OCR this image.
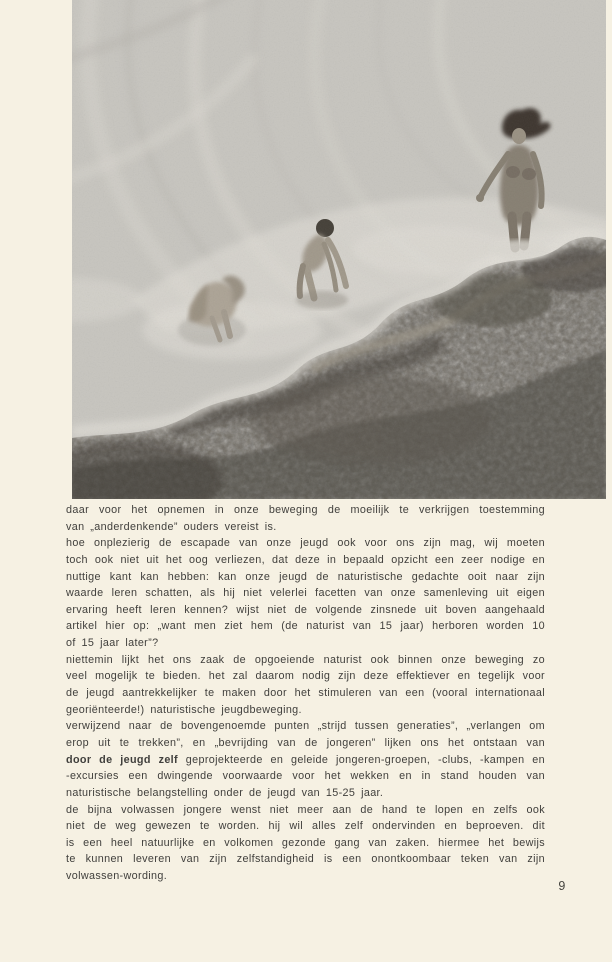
daar voor het opnemen in onze beweging de moeilijk te verkrijgen toestemming
van „anderdenkende” ouders vereist is.
hoe onplezierig de escapade van onze jeugd ook voor ons zijn mag, wij moeten
toch ook niet uit het oog verliezen, dat deze in bepaald opzicht een zeer nodige en
nuttige kant kan hebben: kan onze jeugd de naturistische gedachte ooit naar zijn
waarde leren schatten, als hij niet velerlei facetten van onze samenleving uit eigen
ervaring heeft leren kennen? wijst niet de volgende zinsnede uit boven aangehaald
artikel hier op: „want men ziet hem (de naturist van 15 jaar) herboren worden 10
of 15 jaar later”?
niettemin lijkt het ons zaak de opgoeiende naturist ook binnen onze beweging zo
veel mogelijk te bieden. het zal daarom nodig zijn deze effektiever en tegelijk voor
de jeugd aantrekkelijker te maken door het stimuleren van een (vooral internationaal
georiënteerde!) naturistische jeugdbeweging.
verwijzend naar de bovengenoemde punten „strijd tussen generaties”, „verlangen om
erop uit te trekken”, en „bevrijding van de jongeren” lijken ons het ontstaan van
door de jeugd zelf geprojekteerde en geleide jongeren-groepen, -clubs, -kampen en
-excursies een dwingende voorwaarde voor het wekken en in stand houden van
naturistische belangstelling onder de jeugd van 15-25 jaar.
de bijna volwassen jongere wenst niet meer aan de hand te lopen en zelfs ook
niet de weg gewezen te worden. hij wil alles zelf ondervinden en beproeven. dit
is een heel natuurlijke en volkomen gezonde gang van zaken. hiermee het bewijs
te kunnen leveren van zijn zelfstandigheid is een onontkoombaar teken van zijn
volwassen-wording.
9
